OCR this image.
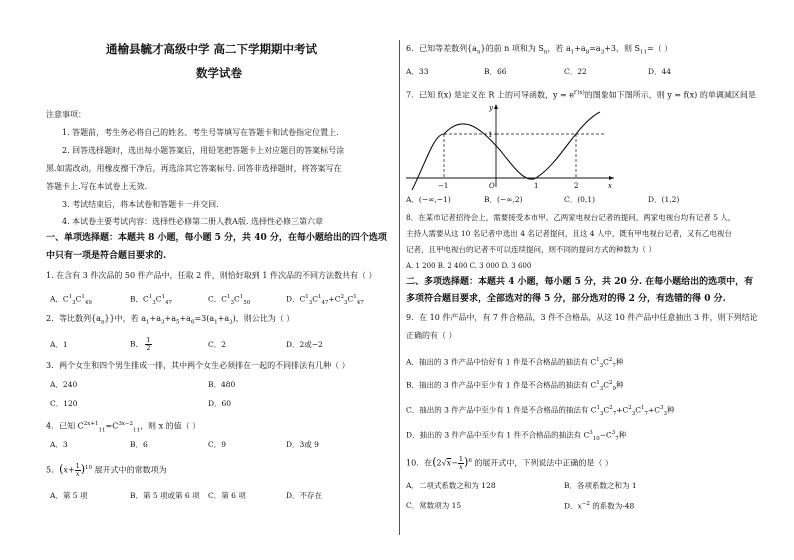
通榆县毓才高级中学 高二下学期期中考试
数学试卷
注意事项：
1. 答题前，考生务必将自己的姓名、考生号等填写在答题卡和试卷指定位置上.
2. 回答选择题时，选出每小题答案后，用铅笔把答题卡上对应题目的答案标号涂
黑.如需改动，用橡皮擦干净后，再选涂其它答案标号. 回答非选择题时，将答案写在
答题卡上.写在本试卷上无效.
3. 考试结束后，将本试卷和答题卡一并交回.
4. 本试卷主要考试内容：选择性必修第二册人教A版. 选择性必修三第六章
一、单项选择题：本题共 8 小题，每小题 5 分，共 40 分，在每小题给出的四个选项
中只有一项是符合题目要求的.
1. 在含有 3 件次品的 50 件产品中，任取 2 件，则恰好取到 1 件次品的不同方法数共有（ ）
A．$C^1_3C^1_{49}$	B．$C^1_3C^1_{47}$	C．$C^1_3C^1_{50}$	D．$C^1_3C^1_{47}+C^2_3C^1_{47}$
2．等比数列$\{a_n\}$}中，若 $a_1+a_3+a_5+a_6=3(a_1+a_3)$，则公比为（ ）
A．1	B． $\frac{1}{2}$	C．2	D．2或−2
3．两个女生和四个男生排成一排，其中两个女生必须排在一起的不同排法有几种（ ）
A．240	B．480
C．120	D．60
4．已知 $C^{2x+1}_{11}=C^{3x-2}_{11}$，则 x 的值（ ）
A．3	B．6	C．9	D．3或 9
5．$(x+ \frac{1}{x} )^{10}$ 展开式中的常数项为
A．第 5 项	B．第 5 项或第 6 项 C．第 6 项	D．不存在
6．已知等差数列$\{a_n\}$的前 n 项和为 $S_n$，若 $a_1+a_8=a_3+3$，则 $S_{11}=$（ ）
A．33	B．66	C．22	D．44
7．已知 f(x) 是定义在 R 上的可导函数，$y = e^{f'(x)}$的图象如下图所示，则 y = f(x) 的单调减区间是
y
x
1
−1	O	1	2
A．(−∞,−1)	B．(−∞,2)	C．(0,1)	D．(1,2)
8．在某市记者招待会上，需要接受本市甲、乙两家电视台记者的提问，两家电视台均有记者 5 人，
主持人需要从这 10 名记者中选出 4 名记者提问，且这 4 人中，既有甲电视台记者，又有乙电视台
记者，且甲电视台的记者不可以连续提问，则不同的提问方式的种数为（ ）
A. 1 200 B. 2 400 C. 3 000 D. 3 600
二、多项选择题：本题共 4 小题，每小题 5 分，共 20 分. 在每小题给出的选项中，有
多项符合题目要求，全部选对的得 5 分，部分选对的得 2 分，有选错的得 0 分.
9．在 10 件产品中，有 7 件合格品，3 件不合格品，从这 10 件产品中任意抽出 3 件，则下列结论
正确的有（ ）
A．抽出的 3 件产品中恰好有 1 件是不合格品的抽法有 $C^1_3C^2_7$种
B．抽出的 3 件产品中至少有 1 件是不合格品的抽法有 $C^1_3C^2_9$种
C．抽出的 3 件产品中至少有 1 件是不合格品的抽法有 $C^1_3C^2_7+C^2_3C^1_7+C^3_3$种
D．抽出的 3 件产品中至少有 1 件不合格品的抽法有 $C^3_{10}-C^3_7$种
10．在$(2√x- \frac{1}{x} )^6$ 的展开式中，下列说法中正确的是（ ）
A．二项式系数之和为 128	B．各项系数之和为 1
C．常数项为 15	D．$x^{-2}$ 的系数为-48
